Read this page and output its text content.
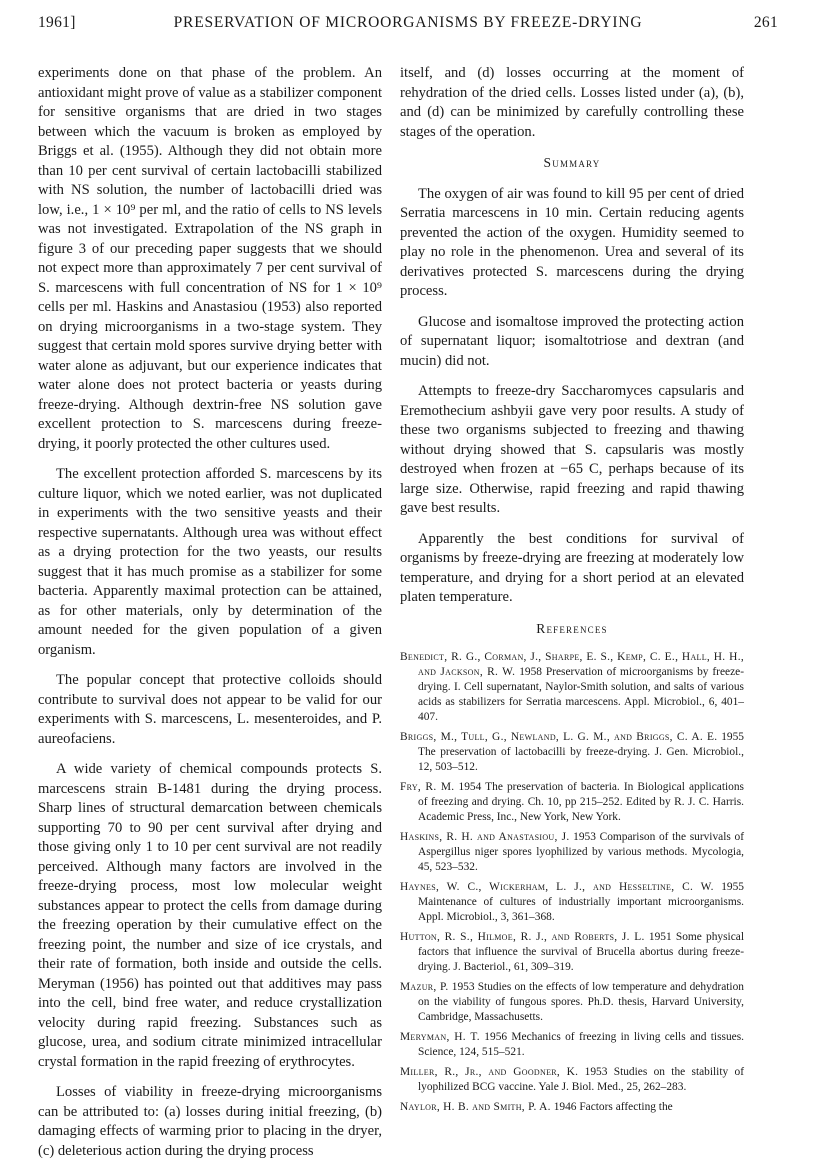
1961]	PRESERVATION OF MICROORGANISMS BY FREEZE-DRYING	261

experiments done on that phase of the problem. An antioxidant might prove of value as a stabilizer component for sensitive organisms that are dried in two stages between which the vacuum is broken as employed by Briggs et al. (1955). Although they did not obtain more than 10 per cent survival of certain lactobacilli stabilized with NS solution, the number of lactobacilli dried was low, i.e., 1 × 10⁹ per ml, and the ratio of cells to NS levels was not investigated. Extrapolation of the NS graph in figure 3 of our preceding paper suggests that we should not expect more than approximately 7 per cent survival of S. marcescens with full concentration of NS for 1 × 10⁹ cells per ml. Haskins and Anastasiou (1953) also reported on drying microorganisms in a two-stage system. They suggest that certain mold spores survive drying better with water alone as adjuvant, but our experience indicates that water alone does not protect bacteria or yeasts during freeze-drying. Although dextrin-free NS solution gave excellent protection to S. marcescens during freeze-drying, it poorly protected the other cultures used.

The excellent protection afforded S. marcescens by its culture liquor, which we noted earlier, was not duplicated in experiments with the two sensitive yeasts and their respective supernatants. Although urea was without effect as a drying protection for the two yeasts, our results suggest that it has much promise as a stabilizer for some bacteria. Apparently maximal protection can be attained, as for other materials, only by determination of the amount needed for the given population of a given organism.

The popular concept that protective colloids should contribute to survival does not appear to be valid for our experiments with S. marcescens, L. mesenteroides, and P. aureofaciens.

A wide variety of chemical compounds protects S. marcescens strain B-1481 during the drying process. Sharp lines of structural demarcation between chemicals supporting 70 to 90 per cent survival after drying and those giving only 1 to 10 per cent survival are not readily perceived. Although many factors are involved in the freeze-drying process, most low molecular weight substances appear to protect the cells from damage during the freezing operation by their cumulative effect on the freezing point, the number and size of ice crystals, and their rate of formation, both inside and outside the cells. Meryman (1956) has pointed out that additives may pass into the cell, bind free water, and reduce crystallization velocity during rapid freezing. Substances such as glucose, urea, and sodium citrate minimized intracellular crystal formation in the rapid freezing of erythrocytes.

Losses of viability in freeze-drying microorganisms can be attributed to: (a) losses during initial freezing, (b) damaging effects of warming prior to placing in the dryer, (c) deleterious action during the drying process

itself, and (d) losses occurring at the moment of rehydration of the dried cells. Losses listed under (a), (b), and (d) can be minimized by carefully controlling these stages of the operation.

Summary

The oxygen of air was found to kill 95 per cent of dried Serratia marcescens in 10 min. Certain reducing agents prevented the action of the oxygen. Humidity seemed to play no role in the phenomenon. Urea and several of its derivatives protected S. marcescens during the drying process.

Glucose and isomaltose improved the protecting action of supernatant liquor; isomaltotriose and dextran (and mucin) did not.

Attempts to freeze-dry Saccharomyces capsularis and Eremothecium ashbyii gave very poor results. A study of these two organisms subjected to freezing and thawing without drying showed that S. capsularis was mostly destroyed when frozen at −65 C, perhaps because of its large size. Otherwise, rapid freezing and rapid thawing gave best results.

Apparently the best conditions for survival of organisms by freeze-drying are freezing at moderately low temperature, and drying for a short period at an elevated platen temperature.

References
Benedict, R. G., Corman, J., Sharpe, E. S., Kemp, C. E., Hall, H. H., and Jackson, R. W. 1958 Preservation of microorganisms by freeze-drying. I. Cell supernatant, Naylor-Smith solution, and salts of various acids as stabilizers for Serratia marcescens. Appl. Microbiol., 6, 401–407.
Briggs, M., Tull, G., Newland, L. G. M., and Briggs, C. A. E. 1955 The preservation of lactobacilli by freeze-drying. J. Gen. Microbiol., 12, 503–512.
Fry, R. M. 1954 The preservation of bacteria. In Biological applications of freezing and drying. Ch. 10, pp 215–252. Edited by R. J. C. Harris. Academic Press, Inc., New York, New York.
Haskins, R. H. and Anastasiou, J. 1953 Comparison of the survivals of Aspergillus niger spores lyophilized by various methods. Mycologia, 45, 523–532.
Haynes, W. C., Wickerham, L. J., and Hesseltine, C. W. 1955 Maintenance of cultures of industrially important microorganisms. Appl. Microbiol., 3, 361–368.
Hutton, R. S., Hilmoe, R. J., and Roberts, J. L. 1951 Some physical factors that influence the survival of Brucella abortus during freeze-drying. J. Bacteriol., 61, 309–319.
Mazur, P. 1953 Studies on the effects of low temperature and dehydration on the viability of fungous spores. Ph.D. thesis, Harvard University, Cambridge, Massachusetts.
Meryman, H. T. 1956 Mechanics of freezing in living cells and tissues. Science, 124, 515–521.
Miller, R., Jr., and Goodner, K. 1953 Studies on the stability of lyophilized BCG vaccine. Yale J. Biol. Med., 25, 262–283.
Naylor, H. B. and Smith, P. A. 1946 Factors affecting the
